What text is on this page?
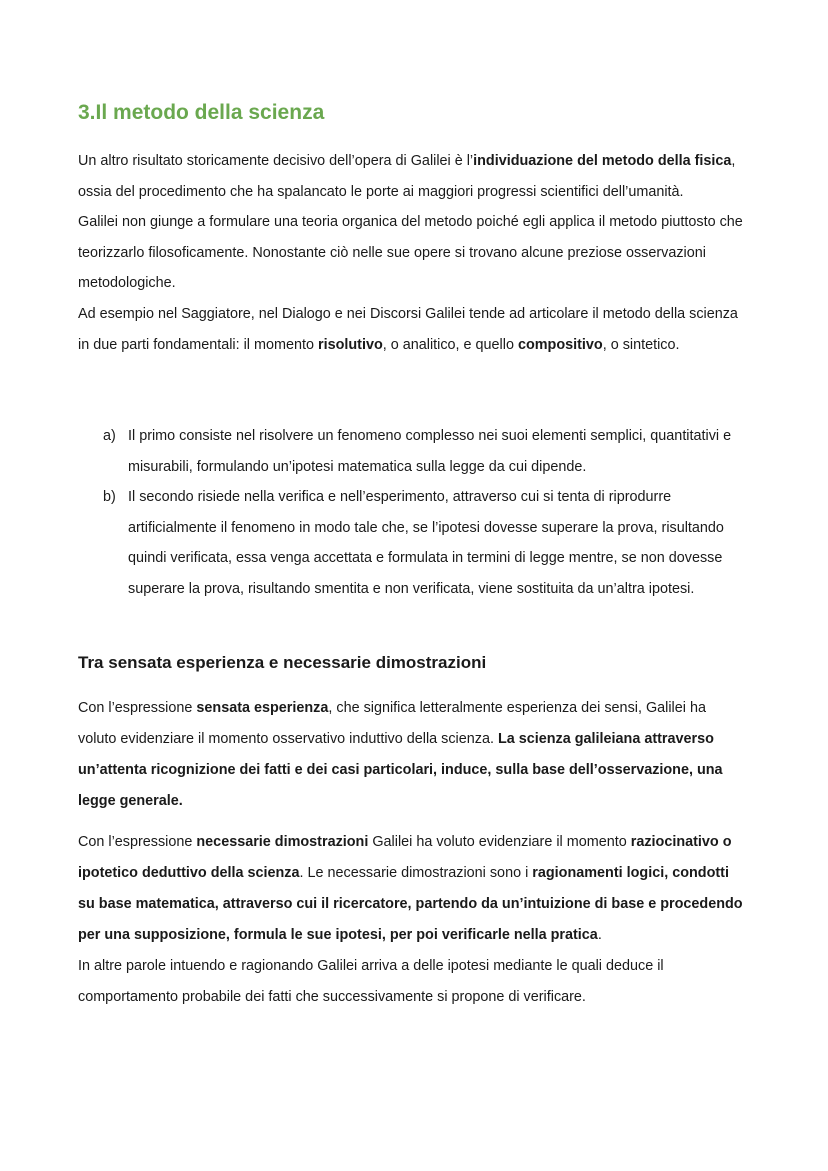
3.Il metodo della scienza

Un altro risultato storicamente decisivo dell’opera di Galilei è l’individuazione del metodo della fisica, ossia del procedimento che ha spalancato le porte ai maggiori progressi scientifici dell’umanità.

Galilei non giunge a formulare una teoria organica del metodo poiché egli applica il metodo piuttosto che teorizzarlo filosoficamente. Nonostante ciò nelle sue opere si trovano alcune preziose osservazioni metodologiche.

Ad esempio nel Saggiatore, nel Dialogo e nei Discorsi Galilei tende ad articolare il metodo della scienza in due parti fondamentali: il momento risolutivo, o analitico, e quello compositivo, o sintetico.

a) Il primo consiste nel risolvere un fenomeno complesso nei suoi elementi semplici, quantitativi e misurabili, formulando un’ipotesi matematica sulla legge da cui dipende.
b) Il secondo risiede nella verifica e nell’esperimento, attraverso cui si tenta di riprodurre artificialmente il fenomeno in modo tale che, se l’ipotesi dovesse superare la prova, risultando quindi verificata, essa venga accettata e formulata in termini di legge mentre, se non dovesse superare la prova, risultando smentita e non verificata, viene sostituita da un’altra ipotesi.
Tra sensata esperienza e necessarie dimostrazioni

Con l’espressione sensata esperienza, che significa letteralmente esperienza dei sensi, Galilei ha voluto evidenziare il momento osservativo induttivo della scienza. La scienza galileiana attraverso un’attenta ricognizione dei fatti e dei casi particolari, induce, sulla base dell’osservazione, una legge generale.

Con l’espressione necessarie dimostrazioni Galilei ha voluto evidenziare il momento raziocinativo o ipotetico deduttivo della scienza. Le necessarie dimostrazioni sono i ragionamenti logici, condotti su base matematica, attraverso cui il ricercatore, partendo da un’intuizione di base e procedendo per una supposizione, formula le sue ipotesi, per poi verificarle nella pratica.

In altre parole intuendo e ragionando Galilei arriva a delle ipotesi mediante le quali deduce il comportamento probabile dei fatti che successivamente si propone di verificare.
